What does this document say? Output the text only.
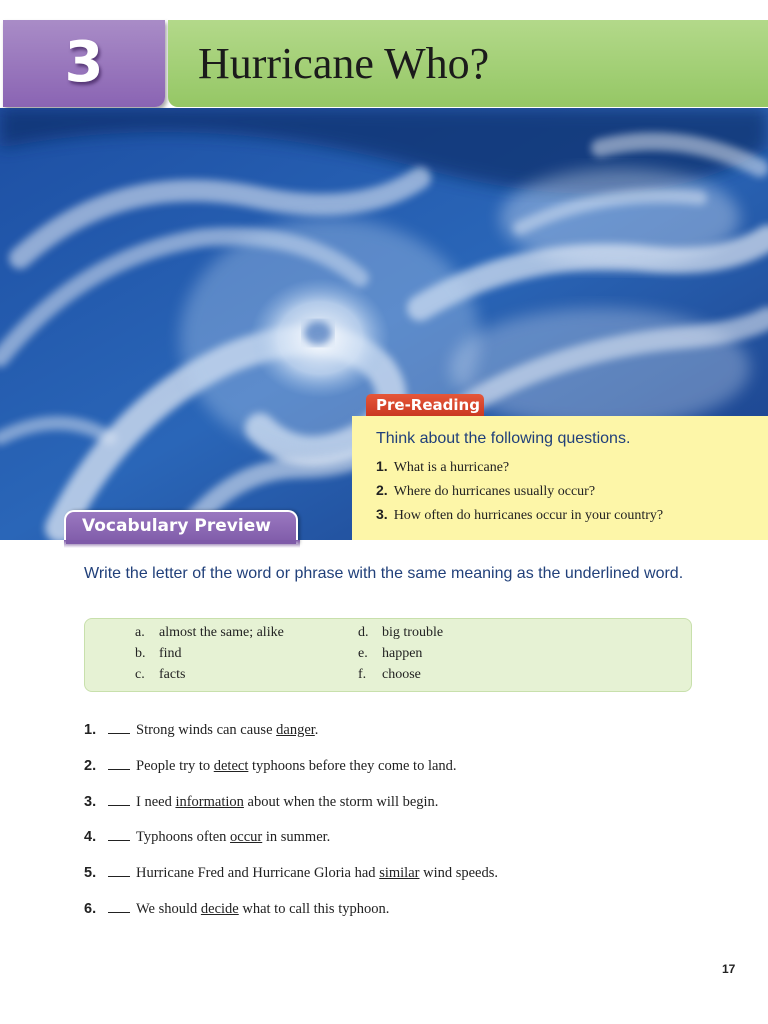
3	Hurricane Who?
Pre-Reading
Think about the following questions.
1. What is a hurricane?
2. Where do hurricanes usually occur?
3. How often do hurricanes occur in your country?
Vocabulary Preview
Write the letter of the word or phrase with the same meaning as the underlined word.
a. almost the same; alike
b. find
c. facts
d. big trouble
e. happen
f. choose
1.	Strong winds can cause danger.
2.	People try to detect typhoons before they come to land.
3.	I need information about when the storm will begin.
4.	Typhoons often occur in summer.
5.	Hurricane Fred and Hurricane Gloria had similar wind speeds.
6.	We should decide what to call this typhoon.
17
